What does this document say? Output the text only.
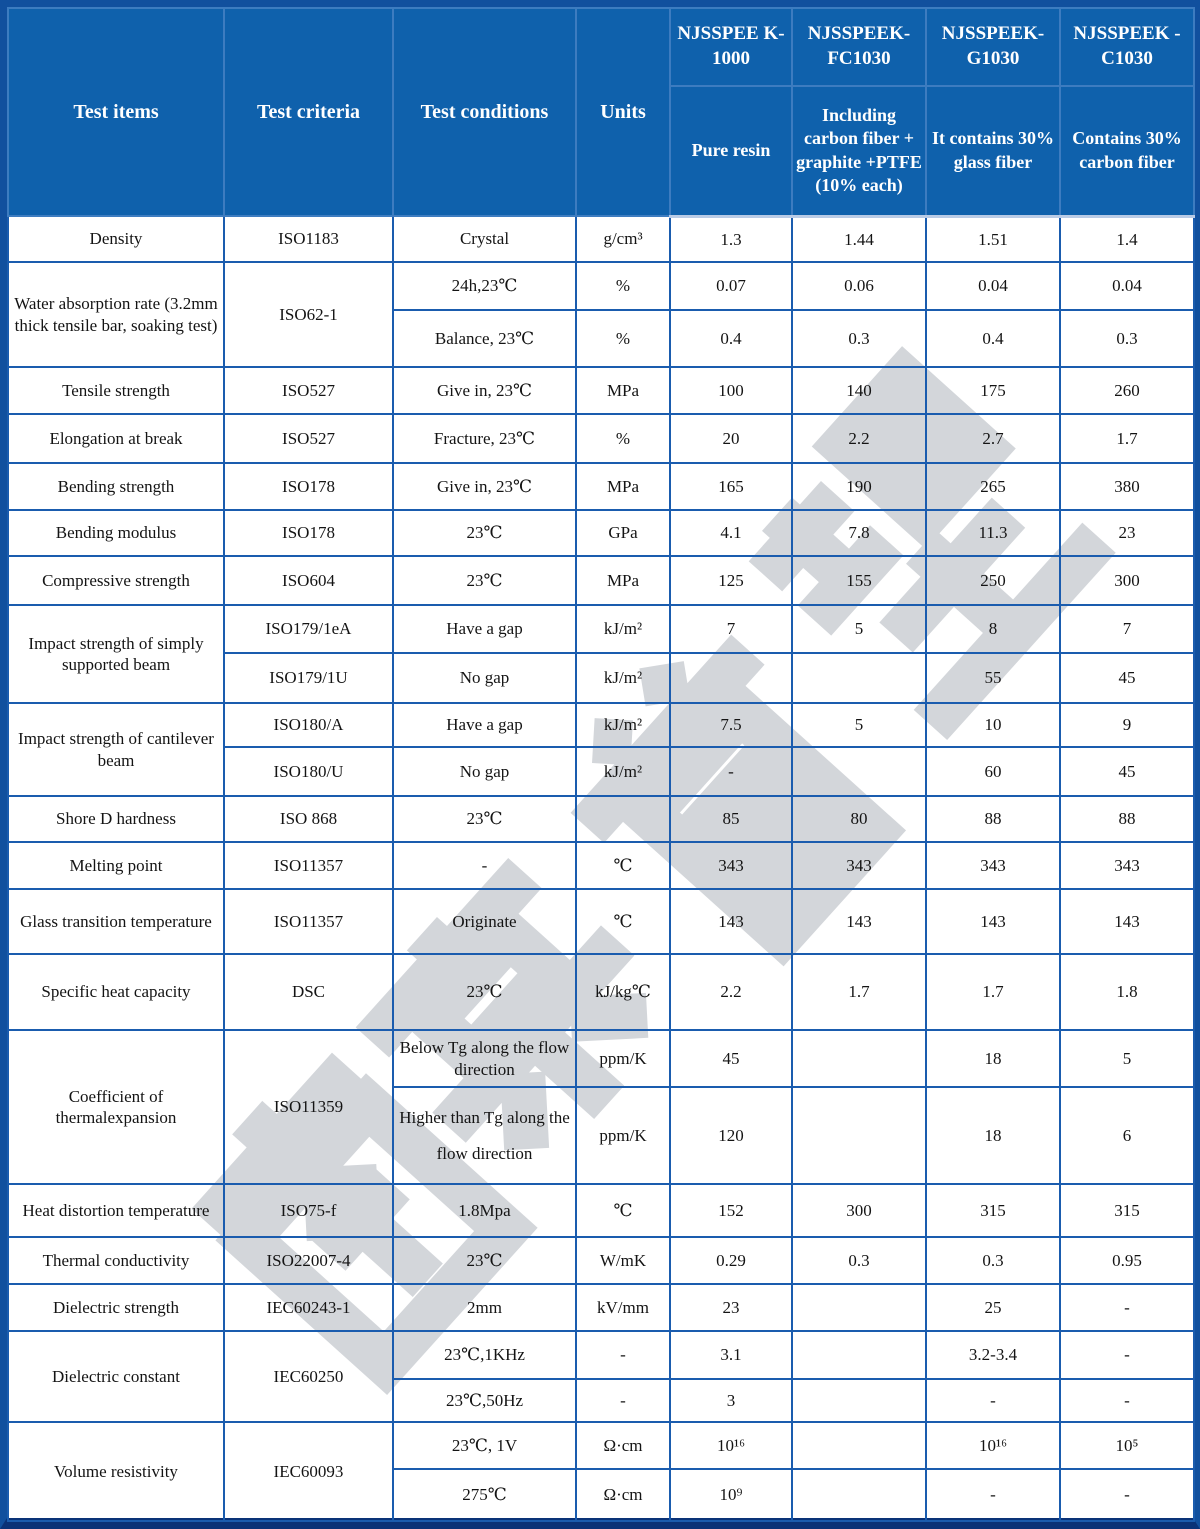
Test items	Test criteria	Test conditions	Units	NJSSPEE K-1000	NJSSPEEK-FC1030	NJSSPEEK-G1030	NJSSPEEK -C1030
				Pure resin	Including carbon fiber + graphite +PTFE (10% each)	It contains 30% glass fiber	Contains 30% carbon fiber
Density	ISO1183	Crystal	g/cm³	1.3	1.44	1.51	1.4
Water absorption rate (3.2mm thick tensile bar, soaking test)	ISO62-1	24h,23℃	%	0.07	0.06	0.04	0.04
		Balance, 23℃	%	0.4	0.3	0.4	0.3
Tensile strength	ISO527	Give in, 23℃	MPa	100	140	175	260
Elongation at break	ISO527	Fracture, 23℃	%	20	2.2	2.7	1.7
Bending strength	ISO178	Give in, 23℃	MPa	165	190	265	380
Bending modulus	ISO178	23℃	GPa	4.1	7.8	11.3	23
Compressive strength	ISO604	23℃	MPa	125	155	250	300
Impact strength of simply supported beam	ISO179/1eA	Have a gap	kJ/m²	7	5	8	7
	ISO179/1U	No gap	kJ/m²			55	45
Impact strength of cantilever beam	ISO180/A	Have a gap	kJ/m²	7.5	5	10	9
	ISO180/U	No gap	kJ/m²	-		60	45
Shore D hardness	ISO 868	23℃		85	80	88	88
Melting point	ISO11357	-	℃	343	343	343	343
Glass transition temperature	ISO11357	Originate	℃	143	143	143	143
Specific heat capacity	DSC	23℃	kJ/kg℃	2.2	1.7	1.7	1.8
Coefficient of thermalexpansion	ISO11359	Below Tg along the flow direction	ppm/K	45		18	5
		Higher than Tg along the flow direction	ppm/K	120		18	6
Heat distortion temperature	ISO75-f	1.8Mpa	℃	152	300	315	315
Thermal conductivity	ISO22007-4	23℃	W/mK	0.29	0.3	0.3	0.95
Dielectric strength	IEC60243-1	2mm	kV/mm	23		25	-
Dielectric constant	IEC60250	23℃,1KHz	-	3.1		3.2-3.4	-
		23℃,50Hz	-	3		-	-
Volume resistivity	IEC60093	23℃, 1V	Ω·cm	10¹⁶		10¹⁶	10⁵
		275℃	Ω·cm	10⁹		-	-
